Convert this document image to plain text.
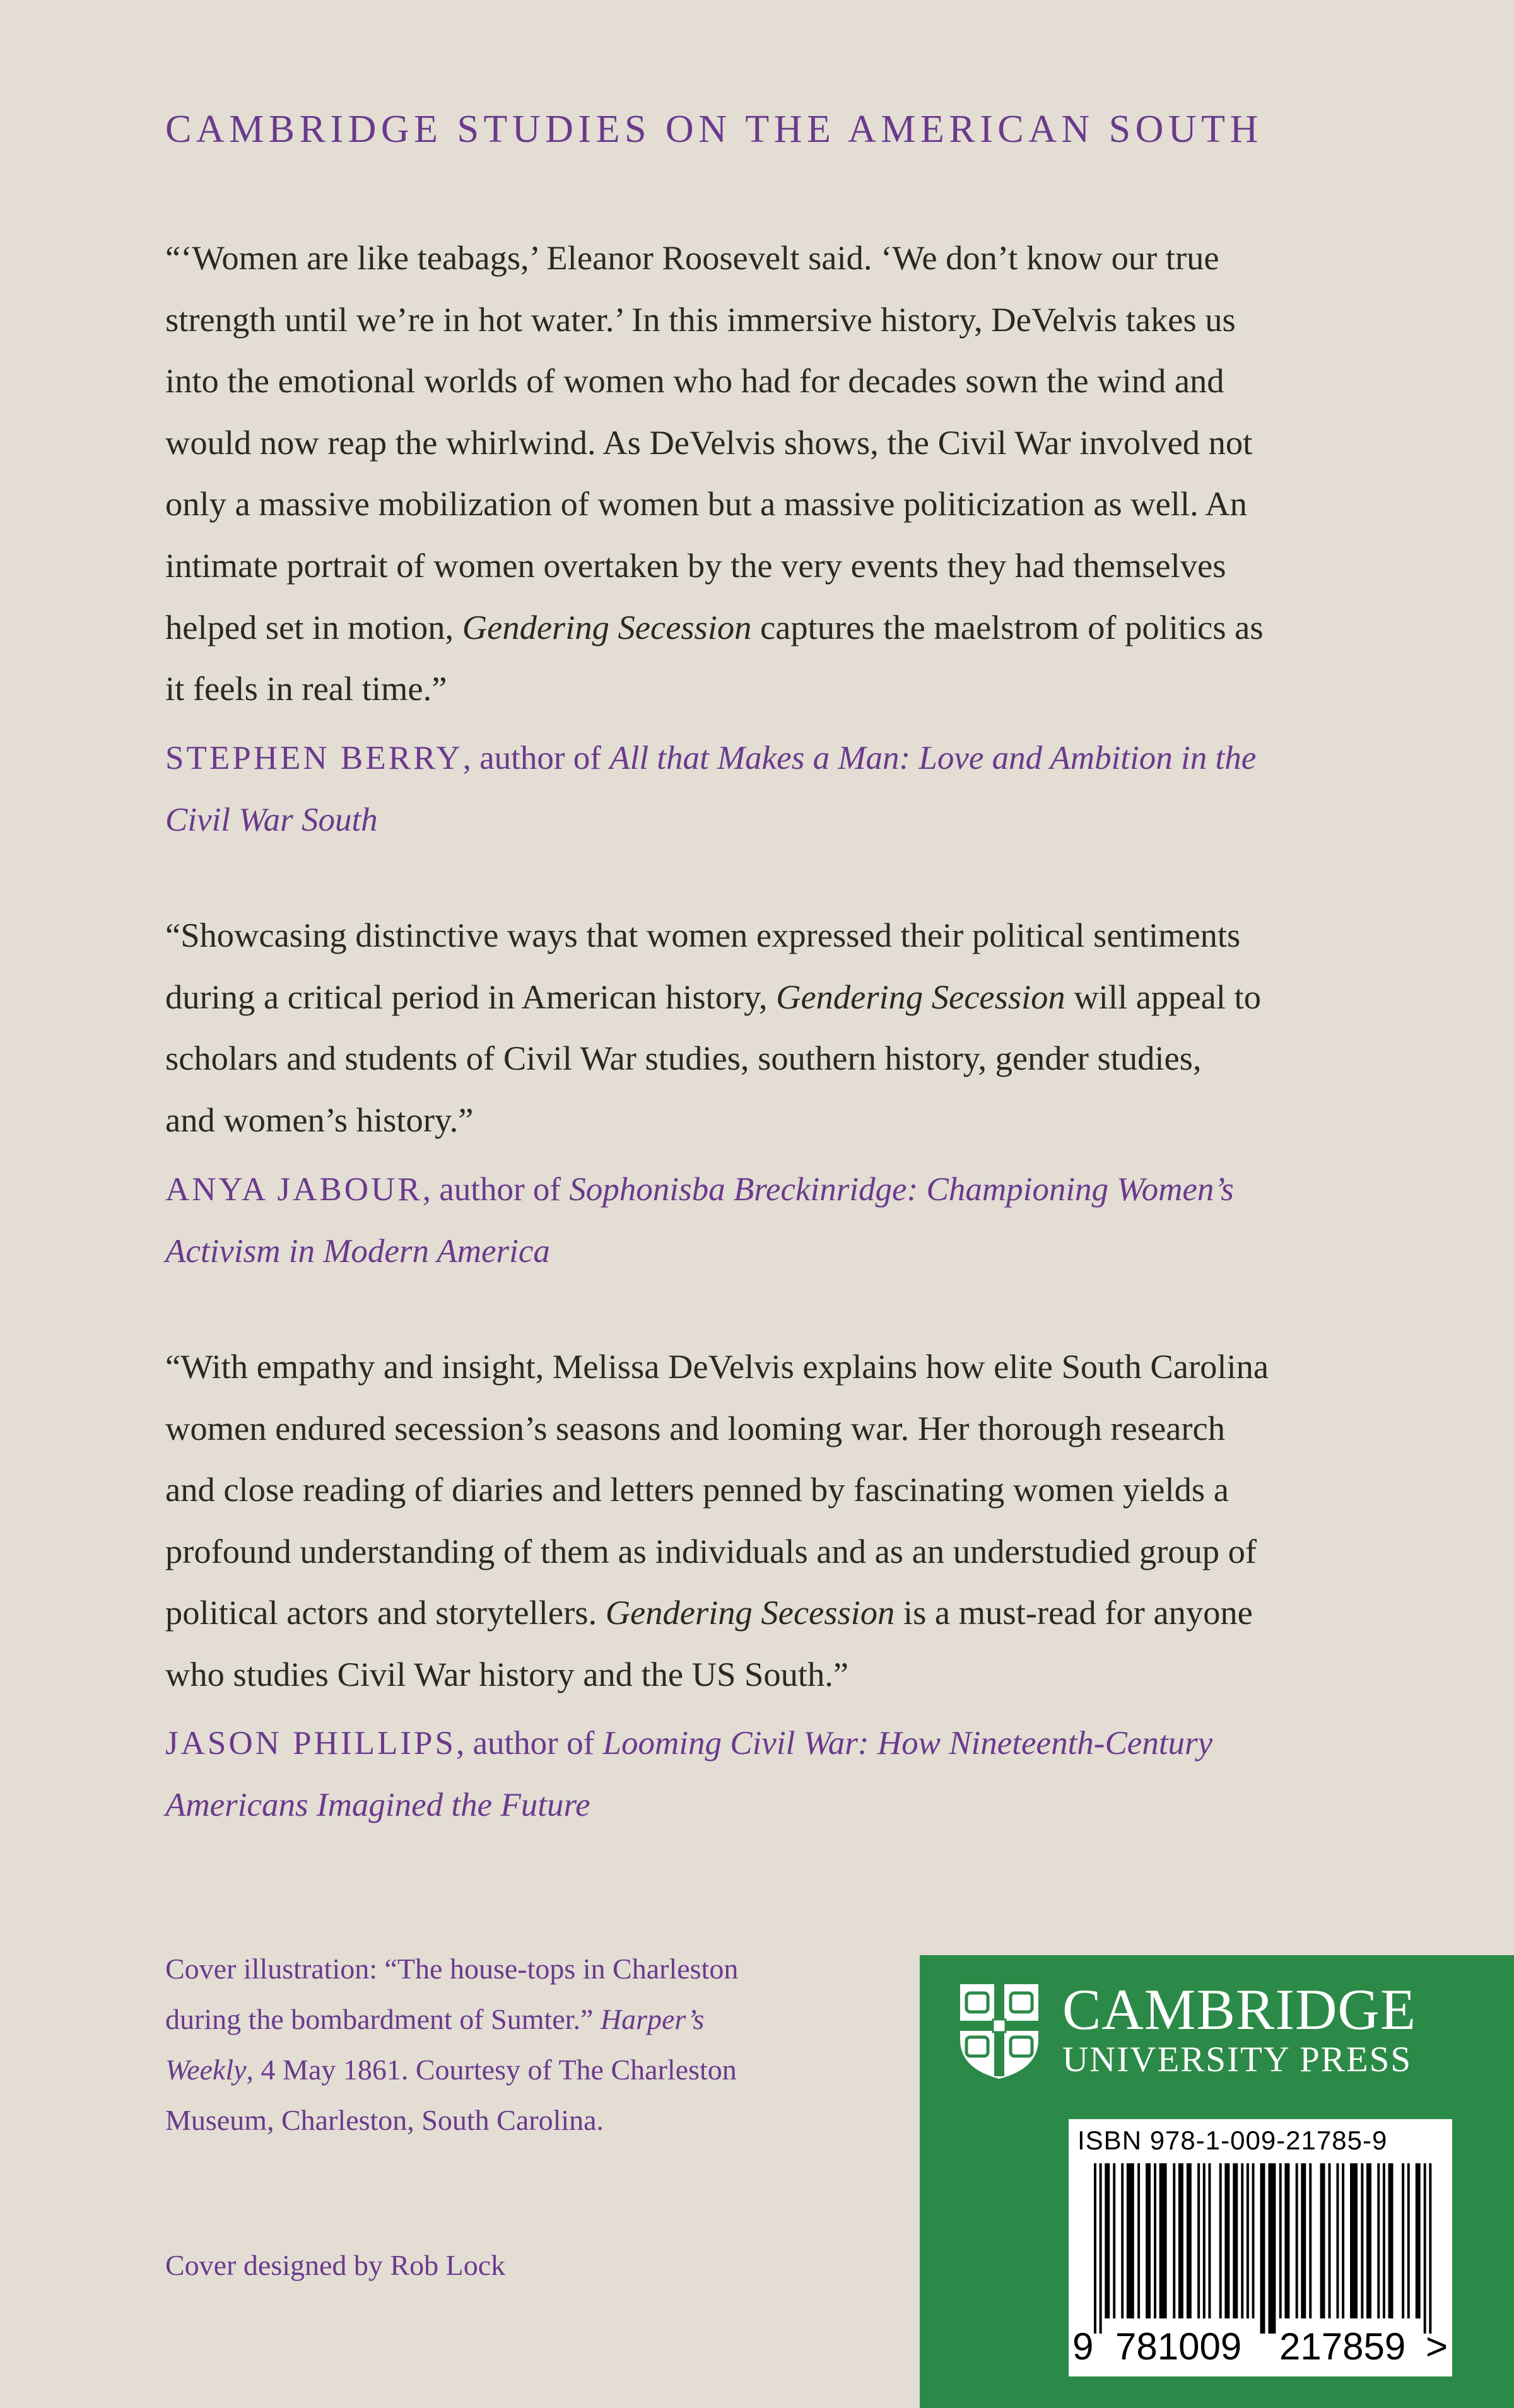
CAMBRIDGE STUDIES ON THE AMERICAN SOUTH
“‘Women are like teabags,’ Eleanor Roosevelt said. ‘We don’t know our true
strength until we’re in hot water.’ In this immersive history, DeVelvis takes us
into the emotional worlds of women who had for decades sown the wind and
would now reap the whirlwind. As DeVelvis shows, the Civil War involved not
only a massive mobilization of women but a massive politicization as well. An
intimate portrait of women overtaken by the very events they had themselves
helped set in motion, Gendering Secession captures the maelstrom of politics as
it feels in real time.”
STEPHEN BERRY, author of All that Makes a Man: Love and Ambition in the
Civil War South
“Showcasing distinctive ways that women expressed their political sentiments
during a critical period in American history, Gendering Secession will appeal to
scholars and students of Civil War studies, southern history, gender studies,
and women’s history.”
ANYA JABOUR, author of Sophonisba Breckinridge: Championing Women’s
Activism in Modern America
“With empathy and insight, Melissa DeVelvis explains how elite South Carolina
women endured secession’s seasons and looming war. Her thorough research
and close reading of diaries and letters penned by fascinating women yields a
profound understanding of them as individuals and as an understudied group of
political actors and storytellers. Gendering Secession is a must-read for anyone
who studies Civil War history and the US South.”
JASON PHILLIPS, author of Looming Civil War: How Nineteenth-Century
Americans Imagined the Future
Cover illustration: “The house-tops in Charleston
during the bombardment of Sumter.” Harper’s
Weekly, 4 May 1861. Courtesy of The Charleston
Museum, Charleston, South Carolina.
Cover designed by Rob Lock
CAMBRIDGE
UNIVERSITY PRESS
ISBN 978-1-009-21785-9
9 781009 217859 >
